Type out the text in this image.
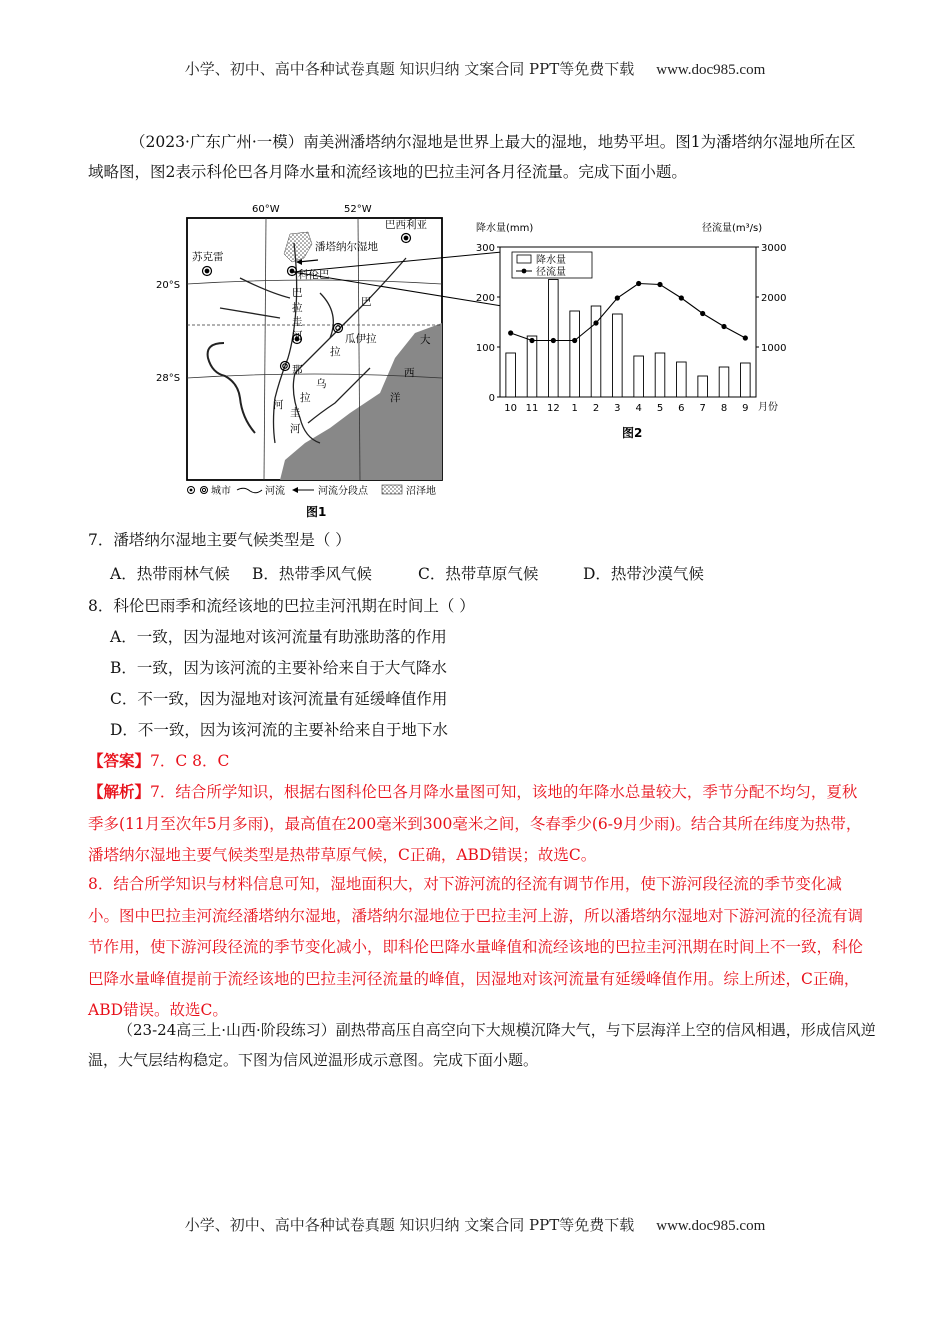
小学、初中、高中各种试卷真题 知识归纳 文案合同 PPT等免费下载 www.doc985.com
（2023·广东广州·一模）南美洲潘塔纳尔湿地是世界上最大的湿地，地势平坦。图1为潘塔纳尔湿地所在区域略图，图2表示科伦巴各月降水量和流经该地的巴拉圭河各月径流量。完成下面小题。
60°W	52°W
20°S
28°S
巴西利亚
苏克雷
潘塔纳尔湿地
科伦巴
巴
拉
圭
河
巴
瓜伊拉
拉
那
乌
拉
圭
河
河
大
西
洋
城市	河流	河流分段点	沼泽地
图1
降水量(mm)	径流量(m³/s)
10 11 12 1 2 3 4 5 6 7 8 9
0
100
200
300
1000
2000
3000
降水量
径流量
月份
图2
7．潘塔纳尔湿地主要气候类型是（ ）
A．热带雨林气候 B．热带季风气候	C．热带草原气候	D．热带沙漠气候
8．科伦巴雨季和流经该地的巴拉圭河汛期在时间上（ ）
A．一致，因为湿地对该河流量有助涨助落的作用
B．一致，因为该河流的主要补给来自于大气降水
C．不一致，因为湿地对该河流量有延缓峰值作用
D．不一致，因为该河流的主要补给来自于地下水
【答案】7．C 8．C
【解析】7．结合所学知识，根据右图科伦巴各月降水量图可知，该地的年降水总量较大，季节分配不均匀，夏秋季多(11月至次年5月多雨)，最高值在200毫米到300毫米之间，冬春季少(6-9月少雨)。结合其所在纬度为热带，潘塔纳尔湿地主要气候类型是热带草原气候，C正确，ABD错误；故选C。
8．结合所学知识与材料信息可知，湿地面积大，对下游河流的径流有调节作用，使下游河段径流的季节变化减小。图中巴拉圭河流经潘塔纳尔湿地，潘塔纳尔湿地位于巴拉圭河上游，所以潘塔纳尔湿地对下游河流的径流有调节作用，使下游河段径流的季节变化减小，即科伦巴降水量峰值和流经该地的巴拉圭河汛期在时间上不一致，科伦巴降水量峰值提前于流经该地的巴拉圭河径流量的峰值，因湿地对该河流量有延缓峰值作用。综上所述，C正确，ABD错误。故选C。
（23-24高三上·山西·阶段练习）副热带高压自高空向下大规模沉降大气，与下层海洋上空的信风相遇，形成信风逆温，大气层结构稳定。下图为信风逆温形成示意图。完成下面小题。
小学、初中、高中各种试卷真题 知识归纳 文案合同 PPT等免费下载 www.doc985.com
